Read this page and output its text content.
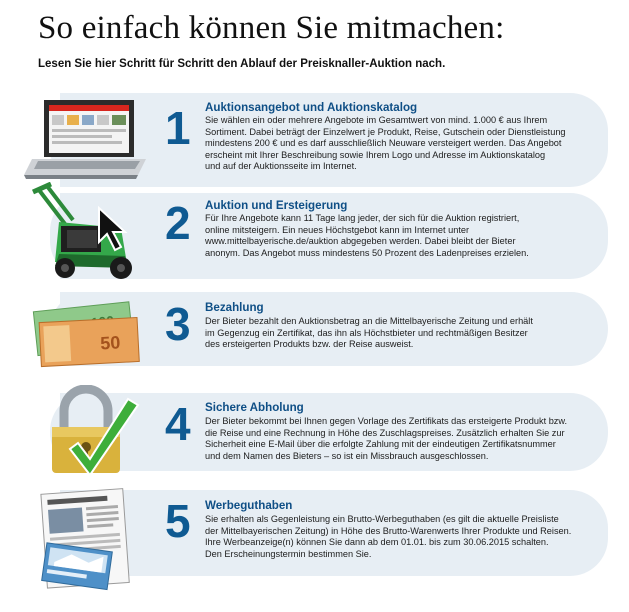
So einfach können Sie mitmachen:
Lesen Sie hier Schritt für Schritt den Ablauf der Preisknaller-Auktion nach.
1 Auktionsangebot und Auktionskatalog
Sie wählen ein oder mehrere Angebote im Gesamtwert von mind. 1.000 € aus Ihrem
Sortiment. Dabei beträgt der Einzelwert je Produkt, Reise, Gutschein oder Dienstleistung
mindestens 200 € und es darf ausschließlich Neuware versteigert werden. Das Angebot
erscheint mit Ihrer Beschreibung sowie Ihrem Logo und Adresse im Auktionskatalog
und auf der Auktionsseite im Internet.
2 Auktion und Ersteigerung
Für Ihre Angebote kann 11 Tage lang jeder, der sich für die Auktion registriert,
online mitsteigern. Ein neues Höchstgebot kann im Internet unter
www.mittelbayerische.de/auktion abgegeben werden. Dabei bleibt der Bieter
anonym. Das Angebot muss mindestens 50 Prozent des Ladenpreises erzielen.
50 3 Bezahlung
Der Bieter bezahlt den Auktionsbetrag an die Mittelbayerische Zeitung und erhält
im Gegenzug ein Zertifikat, das ihn als Höchstbieter und rechtmäßigen Besitzer
des ersteigerten Produkts bzw. der Reise ausweist.
4 Sichere Abholung
Der Bieter bekommt bei Ihnen gegen Vorlage des Zertifikats das ersteigerte Produkt bzw.
die Reise und eine Rechnung in Höhe des Zuschlagspreises. Zusätzlich erhalten Sie zur
Sicherheit eine E-Mail über die erfolgte Zahlung mit der eindeutigen Zertifikatsnummer
und dem Namen des Bieters – so ist ein Missbrauch ausgeschlossen.
5 Werbeguthaben
Sie erhalten als Gegenleistung ein Brutto-Werbeguthaben (es gilt die aktuelle Preisliste
der Mittelbayerischen Zeitung) in Höhe des Brutto-Warenwerts Ihrer Produkte und Reisen.
Ihre Werbeanzeige(n) können Sie dann ab dem 01.01. bis zum 30.06.2015 schalten.
Den Erscheinungstermin bestimmen Sie.
